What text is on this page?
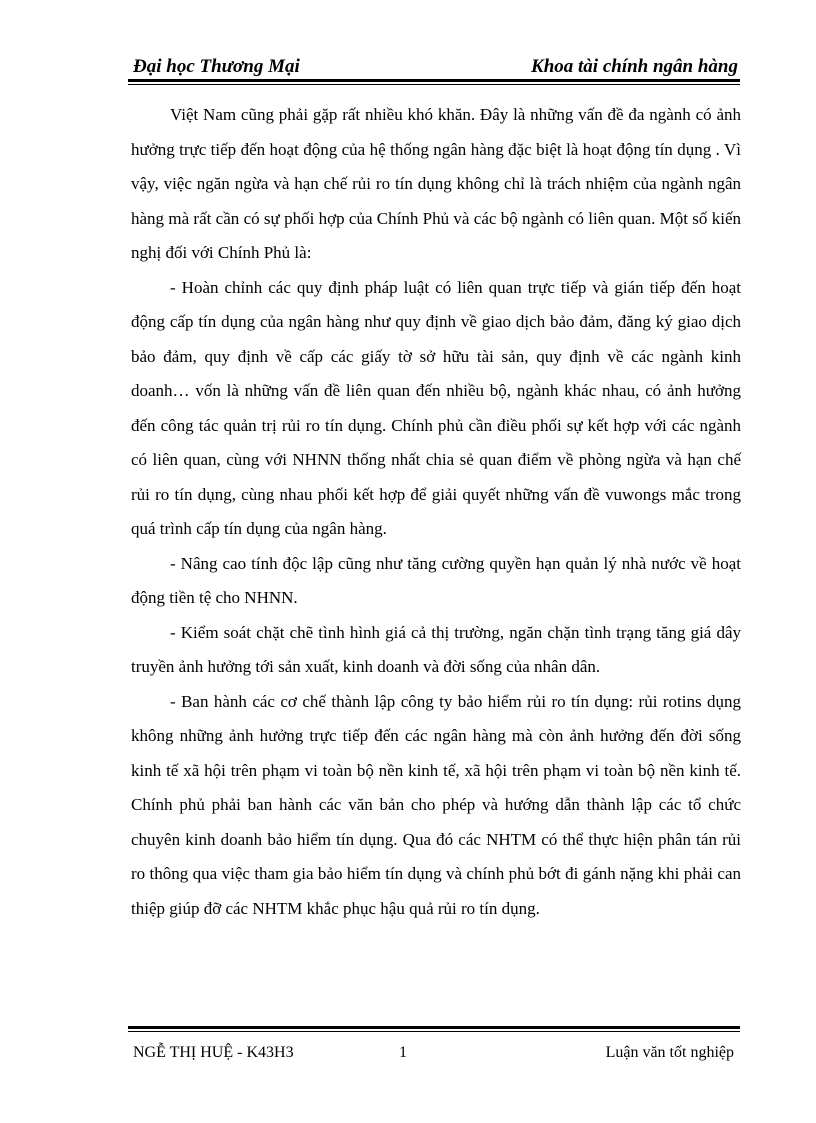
Đại học Thương Mại	Khoa tài chính ngân hàng

Việt Nam cũng phải gặp rất nhiều khó khăn. Đây là những vấn đề đa ngành có ảnh hưởng trực tiếp đến hoạt động của hệ thống ngân hàng đặc biệt là hoạt động tín dụng . Vì vậy, việc ngăn ngừa và hạn chế rủi ro tín dụng không chỉ là trách nhiệm của ngành ngân hàng mà rất cần có sự phối hợp của Chính Phủ và các bộ ngành có liên quan. Một số kiến nghị đối với Chính Phủ là:

- Hoàn chỉnh các quy định pháp luật có liên quan trực tiếp và gián tiếp đến hoạt động cấp tín dụng của ngân hàng như quy định về giao dịch bảo đảm, đăng ký giao dịch bảo đảm, quy định về cấp các giấy tờ sở hữu tài sản, quy định về các ngành kinh doanh… vốn là những vấn đề liên quan đến nhiều bộ, ngành khác nhau, có ảnh hưởng đến công tác quản trị rủi ro tín dụng. Chính phủ cần điều phối sự kết hợp với các ngành có liên quan, cùng với NHNN thống nhất chia sẻ quan điểm về phòng ngừa và hạn chế rủi ro tín dụng, cùng nhau phối kết hợp để giải quyết những vấn đề vuwongs mắc trong quá trình cấp tín dụng của ngân hàng.

- Nâng cao tính độc lập cũng như tăng cường quyền hạn quản lý nhà nước về hoạt động tiền tệ cho NHNN.

- Kiểm soát chặt chẽ tình hình giá cả thị trường, ngăn chặn tình trạng tăng giá dây truyền ảnh hưởng tới sản xuất, kinh doanh và đời sống của nhân dân.

- Ban hành các cơ chế thành lập công ty bảo hiểm rủi ro tín dụng: rủi rotins dụng không những ảnh hưởng trực tiếp đến các ngân hàng mà còn ảnh hưởng đến đời sống kinh tế xã hội trên phạm vi toàn bộ nền kinh tế, xã hội trên phạm vi toàn bộ nền kinh tế. Chính phủ phải ban hành các văn bản cho phép và hướng dẫn thành lập các tổ chức chuyên kinh doanh bảo hiểm tín dụng. Qua đó các NHTM có thể thực hiện phân tán rủi ro thông qua việc tham gia bảo hiểm tín dụng và chính phủ bớt đi gánh nặng khi phải can thiệp giúp đỡ các NHTM khắc phục hậu quả rủi ro tín dụng.

NGỄ THỊ HUỆ - K43H3	1	Luận văn tốt nghiệp
